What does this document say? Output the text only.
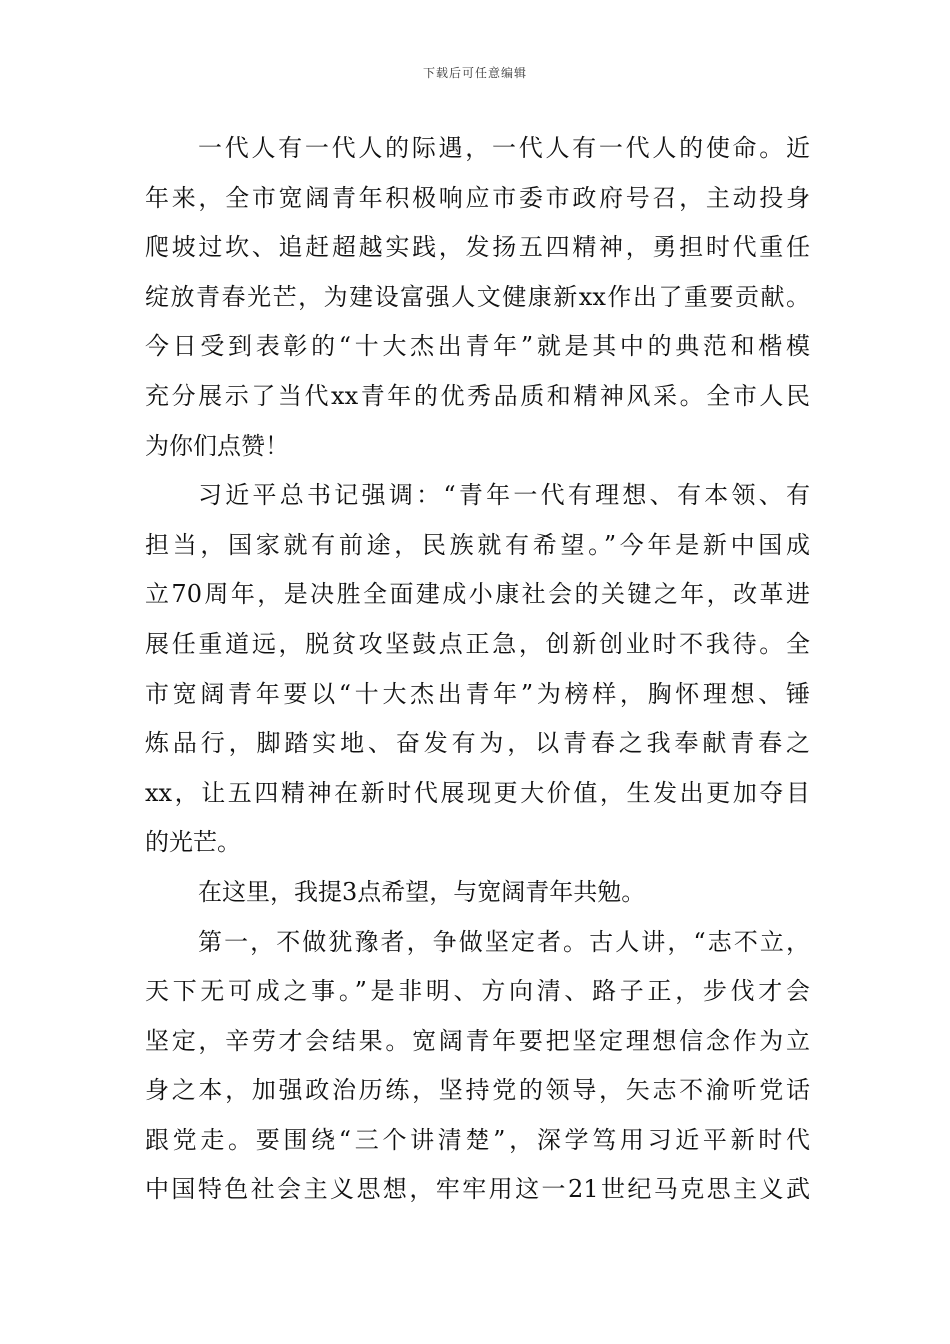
下载后可任意编辑
一代人有一代人的际遇，一代人有一代人的使命。近
年来，全市宽阔青年积极响应市委市政府号召，主动投身
爬坡过坎、追赶超越实践，发扬五四精神，勇担时代重任
绽放青春光芒，为建设富强人文健康新xx作出了重要贡献。
今日受到表彰的“十大杰出青年”就是其中的典范和楷模
充分展示了当代xx青年的优秀品质和精神风采。全市人民
为你们点赞！
习近平总书记强调：“青年一代有理想、有本领、有
担当，国家就有前途，民族就有希望。”今年是新中国成
立70周年，是决胜全面建成小康社会的关键之年，改革进
展任重道远，脱贫攻坚鼓点正急，创新创业时不我待。全
市宽阔青年要以“十大杰出青年”为榜样，胸怀理想、锤
炼品行，脚踏实地、奋发有为，以青春之我奉献青春之
xx，让五四精神在新时代展现更大价值，生发出更加夺目
的光芒。
在这里，我提3点希望，与宽阔青年共勉。
第一，不做犹豫者，争做坚定者。古人讲，“志不立，
天下无可成之事。”是非明、方向清、路子正，步伐才会
坚定，辛劳才会结果。宽阔青年要把坚定理想信念作为立
身之本，加强政治历练，坚持党的领导，矢志不渝听党话
跟党走。要围绕“三个讲清楚”，深学笃用习近平新时代
中国特色社会主义思想，牢牢用这一21世纪马克思主义武
